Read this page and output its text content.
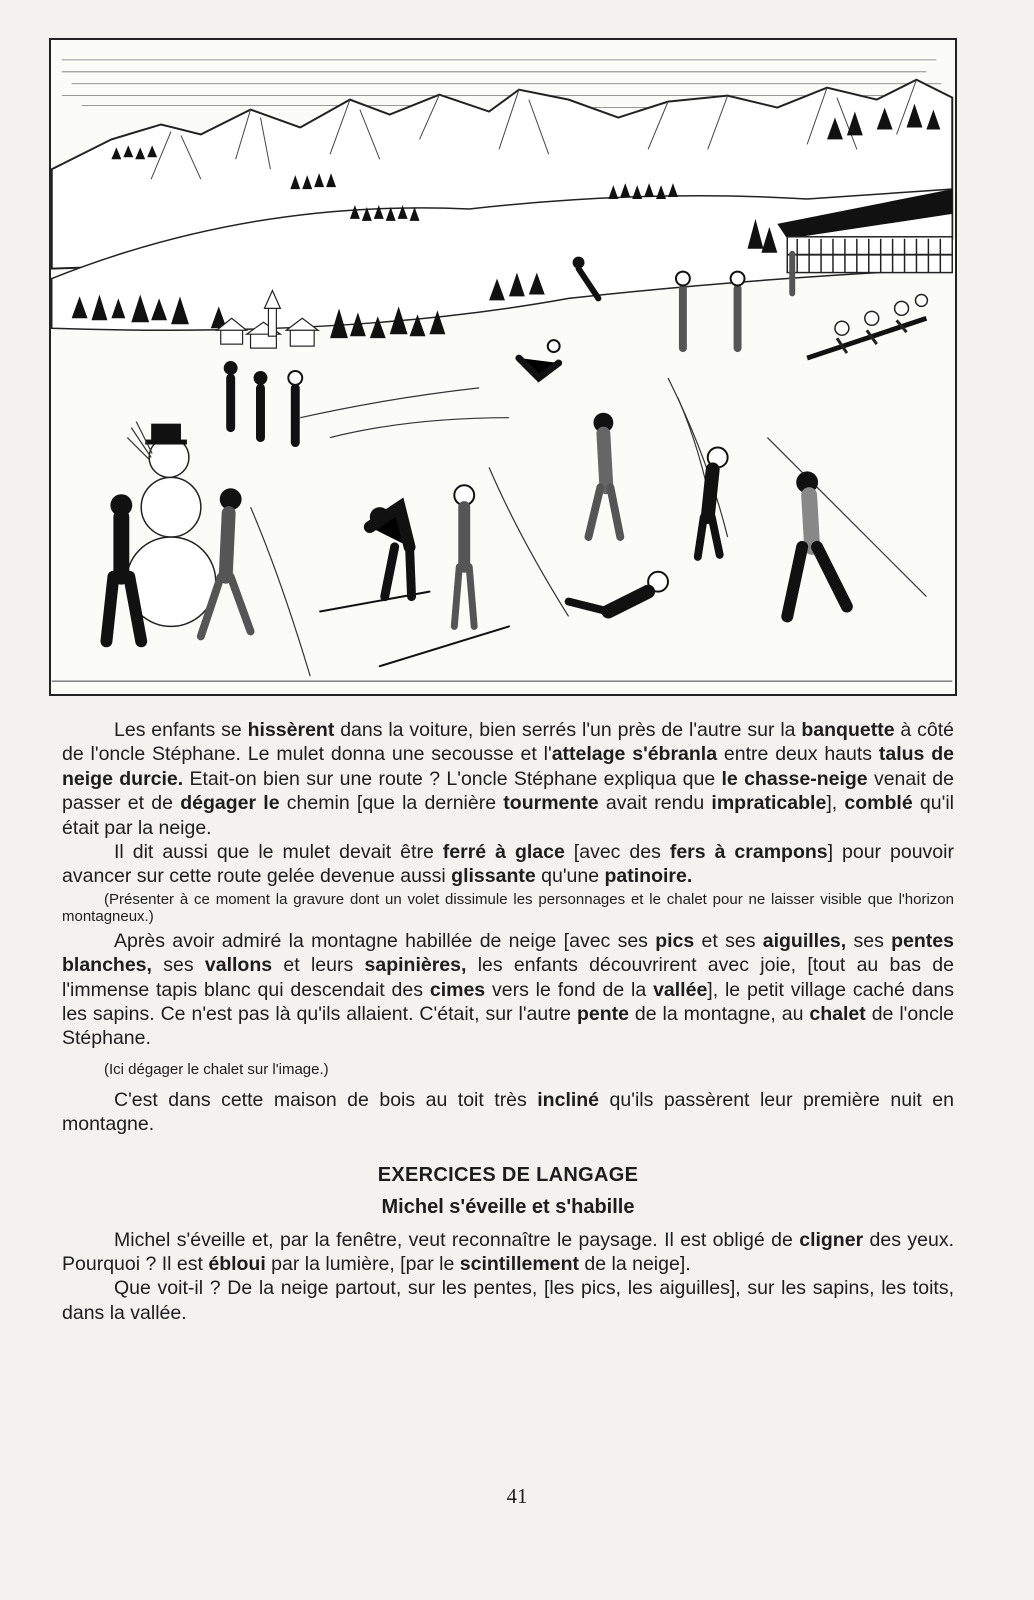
Les enfants se hissèrent dans la voiture, bien serrés l'un près de l'autre sur la banquette à côté de l'oncle Stéphane. Le mulet donna une secousse et l'attelage s'ébranla entre deux hauts talus de neige durcie. Etait-on bien sur une route ? L'oncle Stéphane expliqua que le chasse-neige venait de passer et de dégager le chemin [que la dernière tourmente avait rendu impraticable], comblé qu'il était par la neige.

Il dit aussi que le mulet devait être ferré à glace [avec des fers à crampons] pour pouvoir avancer sur cette route gelée devenue aussi glissante qu'une patinoire.

(Présenter à ce moment la gravure dont un volet dissimule les personnages et le chalet pour ne laisser visible que l'horizon montagneux.)

Après avoir admiré la montagne habillée de neige [avec ses pics et ses aiguilles, ses pentes blanches, ses vallons et leurs sapinières, les enfants découvrirent avec joie, [tout au bas de l'immense tapis blanc qui descendait des cimes vers le fond de la vallée], le petit village caché dans les sapins. Ce n'est pas là qu'ils allaient. C'était, sur l'autre pente de la montagne, au chalet de l'oncle Stéphane.

(Ici dégager le chalet sur l'image.)

C'est dans cette maison de bois au toit très incliné qu'ils passèrent leur première nuit en montagne.

EXERCICES DE LANGAGE

Michel s'éveille et s'habille

Michel s'éveille et, par la fenêtre, veut reconnaître le paysage. Il est obligé de cligner des yeux. Pourquoi ? Il est ébloui par la lumière, [par le scintillement de la neige].

Que voit-il ? De la neige partout, sur les pentes, [les pics, les aiguilles], sur les sapins, les toits, dans la vallée.

41
